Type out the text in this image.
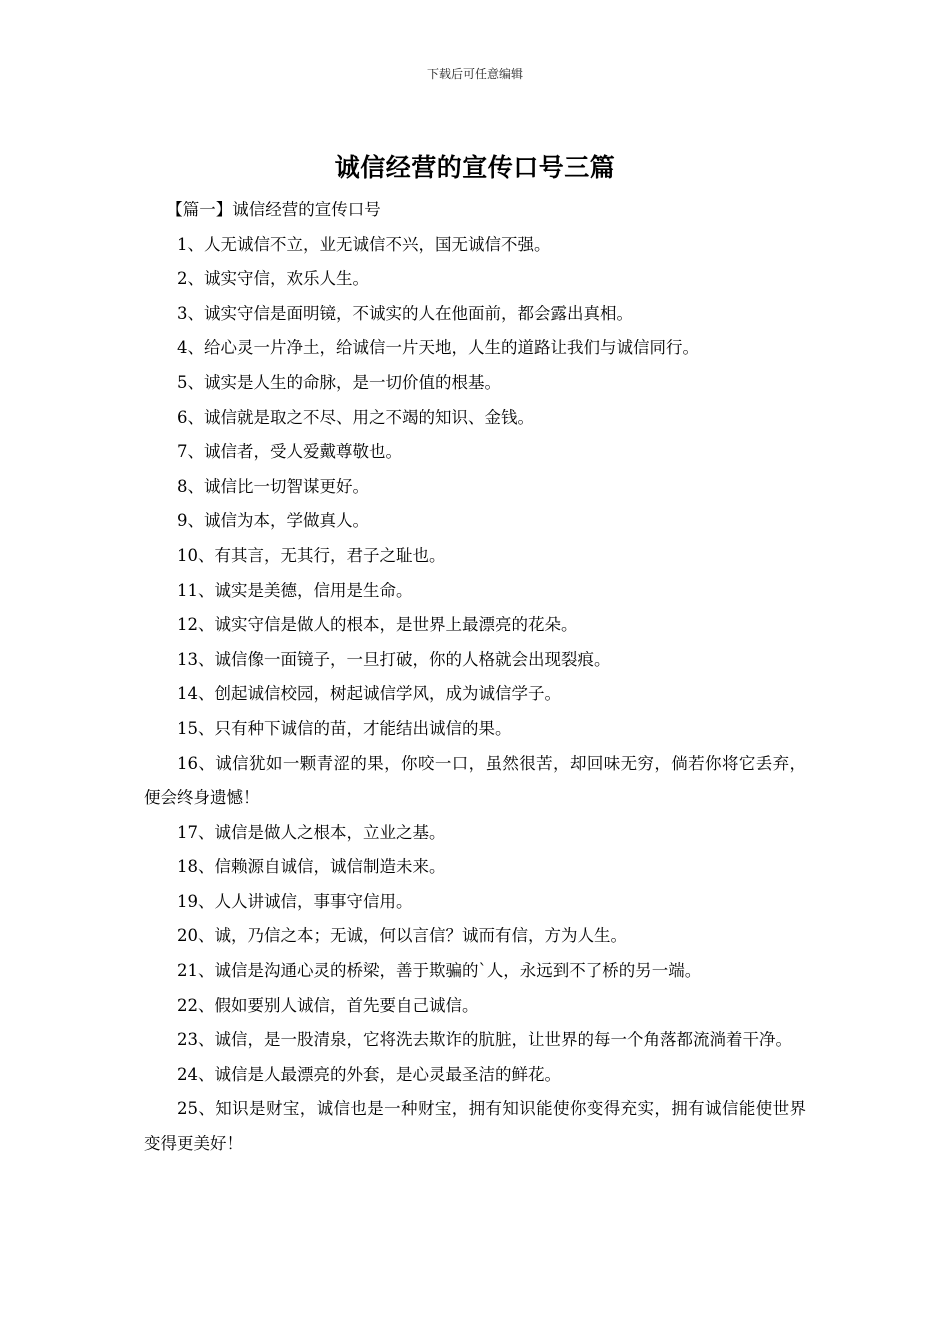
下载后可任意编辑
诚信经营的宣传口号三篇

【篇一】诚信经营的宣传口号

1、人无诚信不立，业无诚信不兴，国无诚信不强。

2、诚实守信，欢乐人生。

3、诚实守信是面明镜，不诚实的人在他面前，都会露出真相。

4、给心灵一片净土，给诚信一片天地，人生的道路让我们与诚信同行。

5、诚实是人生的命脉，是一切价值的根基。

6、诚信就是取之不尽、用之不竭的知识、金钱。

7、诚信者，受人爱戴尊敬也。

8、诚信比一切智谋更好。

9、诚信为本，学做真人。

10、有其言，无其行，君子之耻也。

11、诚实是美德，信用是生命。

12、诚实守信是做人的根本，是世界上最漂亮的花朵。

13、诚信像一面镜子，一旦打破，你的人格就会出现裂痕。

14、创起诚信校园，树起诚信学风，成为诚信学子。

15、只有种下诚信的苗，才能结出诚信的果。

16、诚信犹如一颗青涩的果，你咬一口，虽然很苦，却回味无穷，倘若你将它丢弃，便会终身遗憾！

17、诚信是做人之根本，立业之基。

18、信赖源自诚信，诚信制造未来。

19、人人讲诚信，事事守信用。

20、诚，乃信之本；无诚，何以言信？诚而有信，方为人生。

21、诚信是沟通心灵的桥梁，善于欺骗的`人，永远到不了桥的另一端。

22、假如要别人诚信，首先要自己诚信。

23、诚信，是一股清泉，它将洗去欺诈的肮脏，让世界的每一个角落都流淌着干净。

24、诚信是人最漂亮的外套，是心灵最圣洁的鲜花。

25、知识是财宝，诚信也是一种财宝，拥有知识能使你变得充实，拥有诚信能使世界变得更美好！
